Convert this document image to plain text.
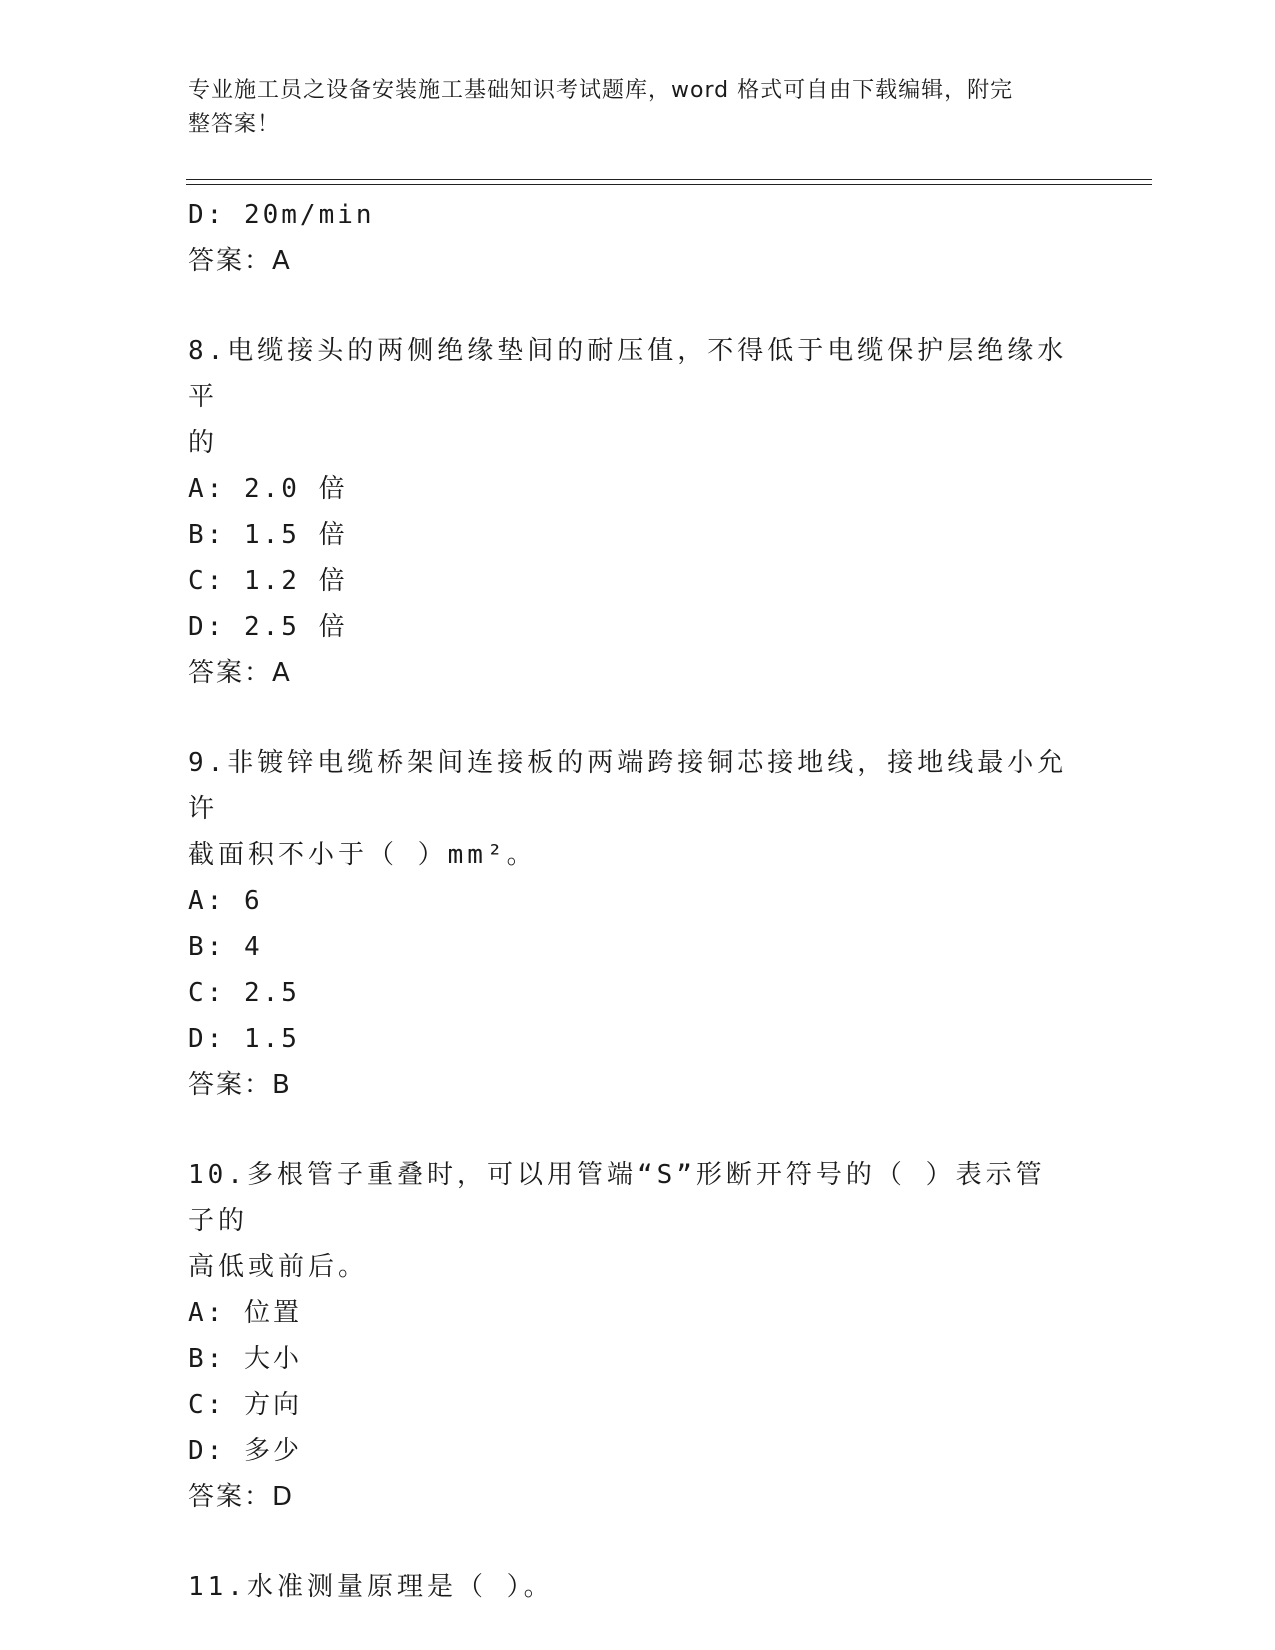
专业施工员之设备安装施工基础知识考试题库，word 格式可自由下载编辑，附完
整答案！
D: 20m/min
答案：A
8.电缆接头的两侧绝缘垫间的耐压值，不得低于电缆保护层绝缘水平
的
A: 2.0 倍
B: 1.5 倍
C: 1.2 倍
D: 2.5 倍
答案：A
9.非镀锌电缆桥架间连接板的两端跨接铜芯接地线，接地线最小允许
截面积不小于（ ）mm²。
A: 6
B: 4
C: 2.5
D: 1.5
答案：B
10.多根管子重叠时，可以用管端“S”形断开符号的（ ）表示管子的
高低或前后。
A: 位置
B: 大小
C: 方向
D: 多少
答案：D
11.水准测量原理是（ ）。
